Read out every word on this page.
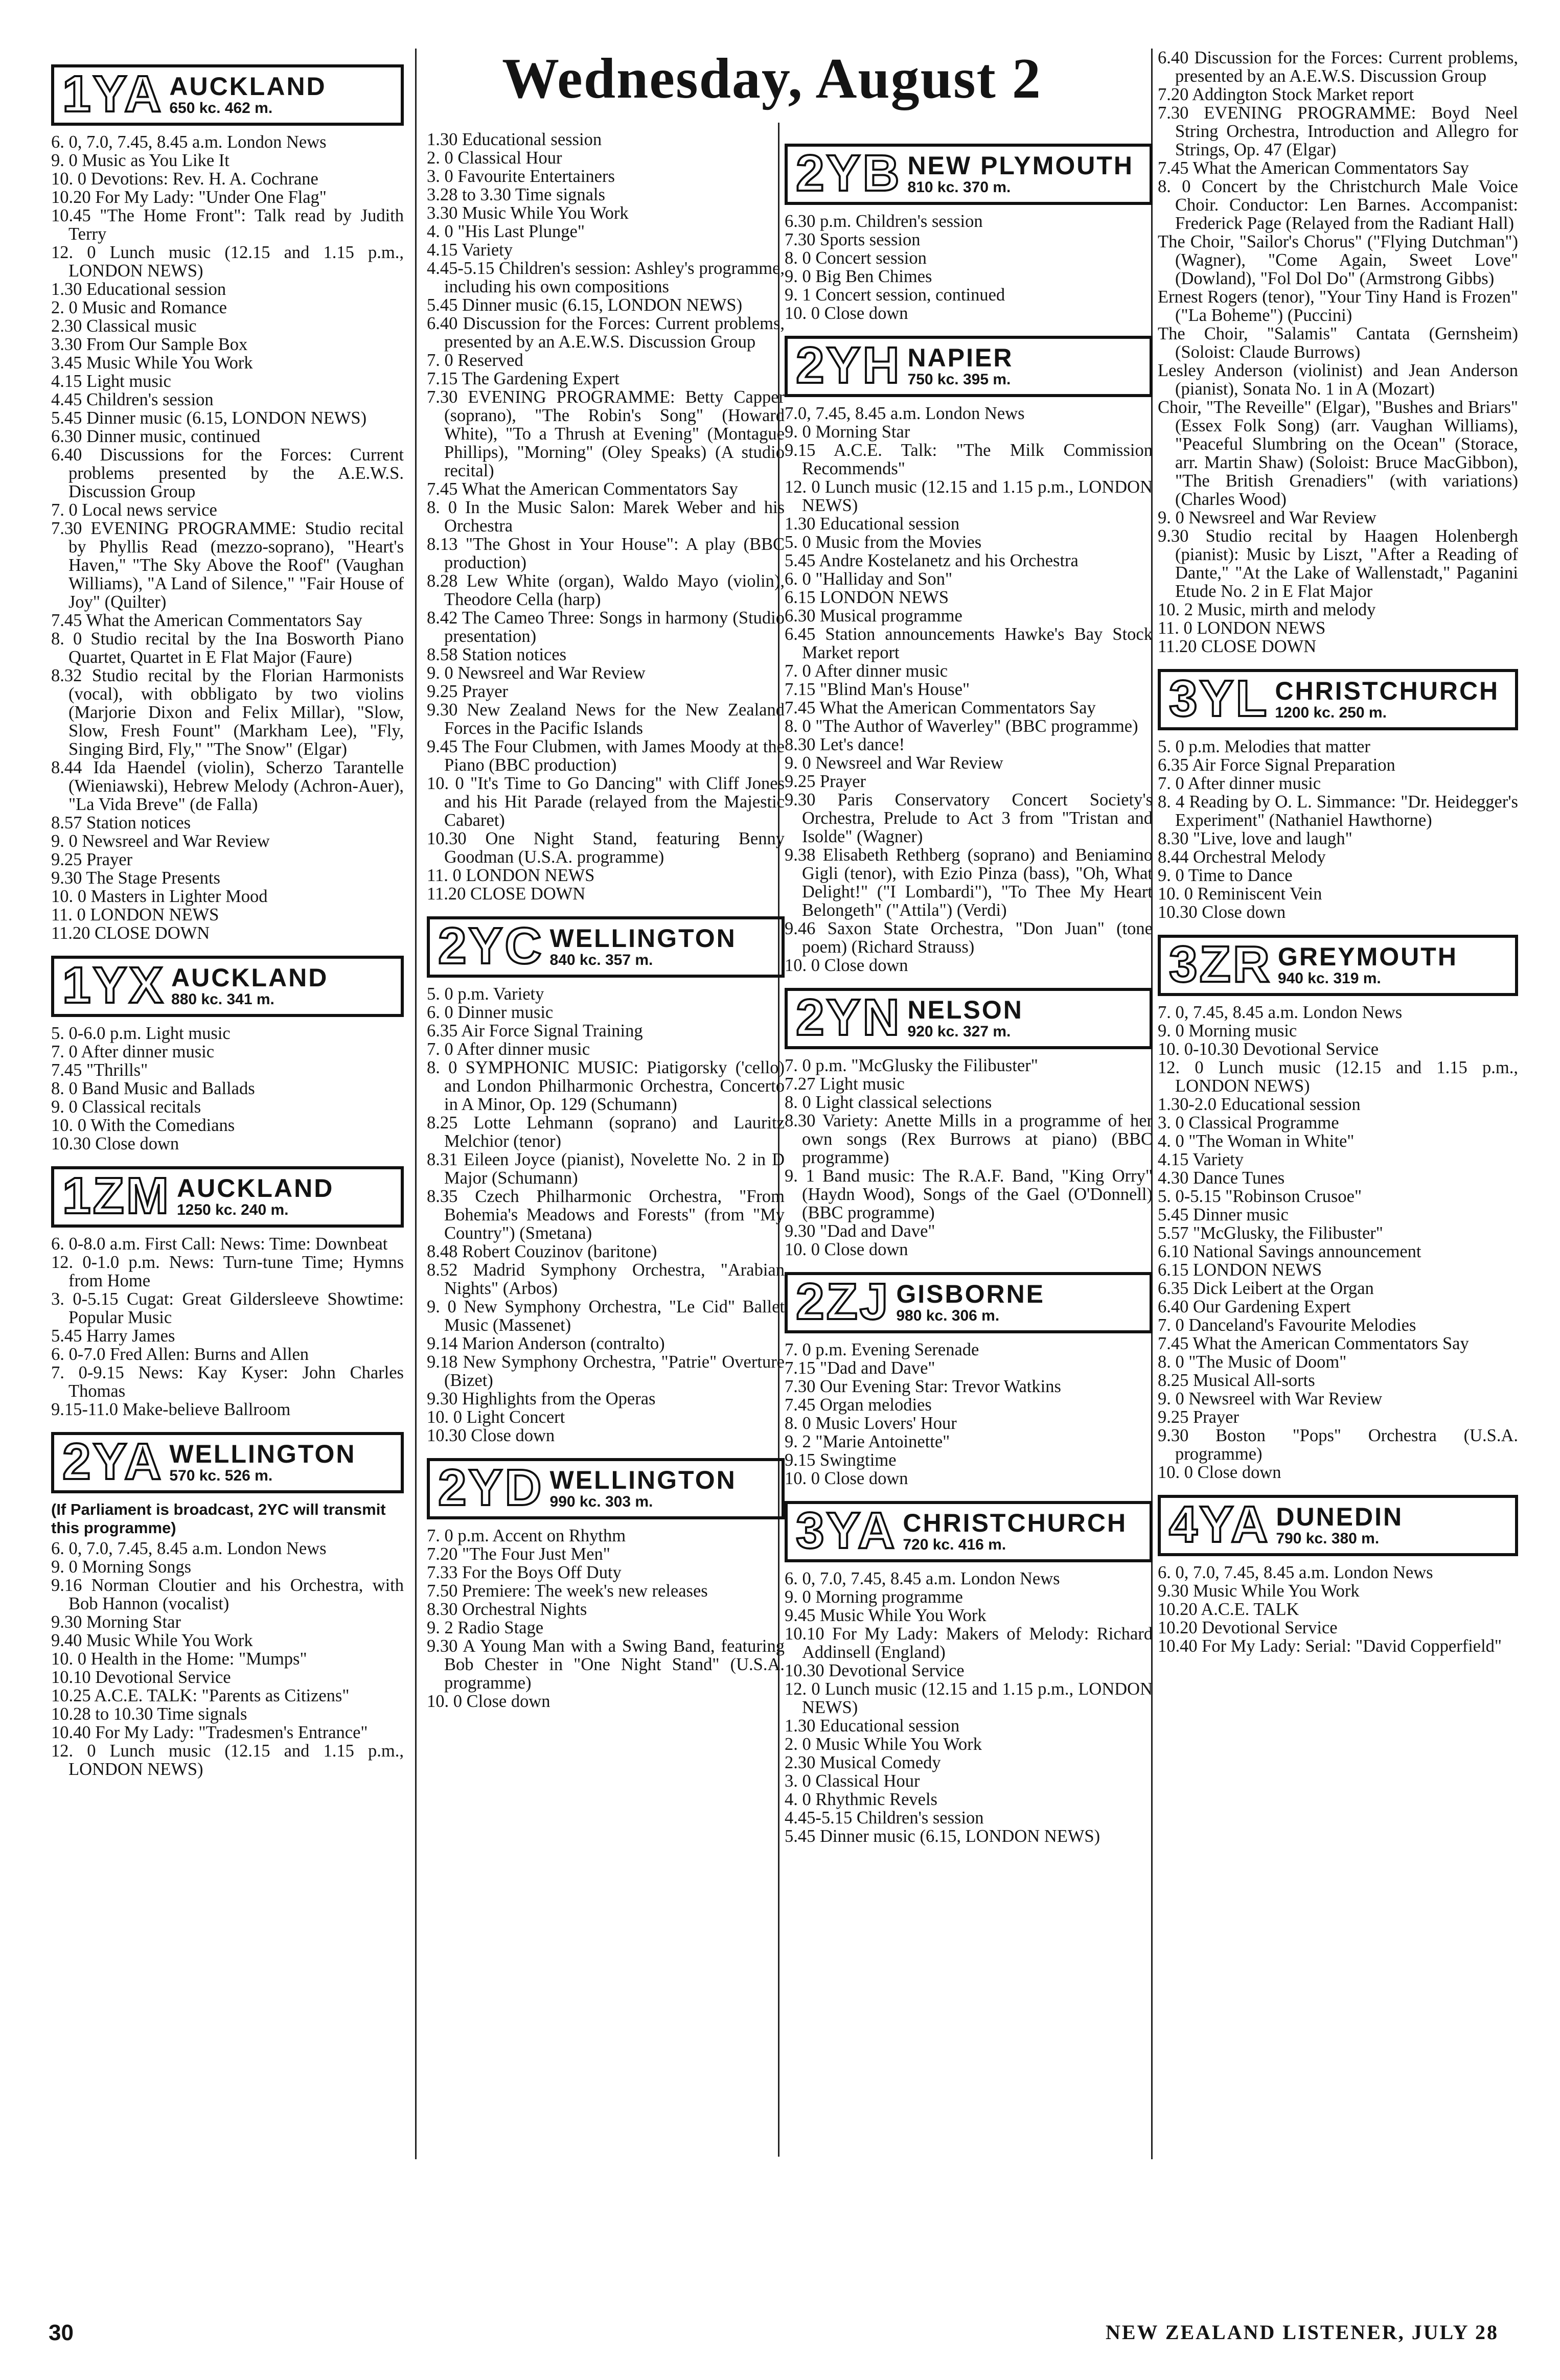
Wednesday, August 2
1YA AUCKLAND
650 kc. 462 m.

6. 0, 7.0, 7.45, 8.45 a.m. London News

9. 0 Music as You Like It

10. 0 Devotions: Rev. H. A. Cochrane

10.20 For My Lady: "Under One Flag"

10.45 "The Home Front": Talk read by Judith Terry

12. 0 Lunch music (12.15 and 1.15 p.m., LONDON NEWS)

1.30 Educational session

2. 0 Music and Romance

2.30 Classical music

3.30 From Our Sample Box

3.45 Music While You Work

4.15 Light music

4.45 Children's session

5.45 Dinner music (6.15, LONDON NEWS)

6.30 Dinner music, continued

6.40 Discussions for the Forces: Current problems presented by the A.E.W.S. Discussion Group

7. 0 Local news service

7.30 EVENING PROGRAMME: Studio recital by Phyllis Read (mezzo-soprano), "Heart's Haven," "The Sky Above the Roof" (Vaughan Williams), "A Land of Silence," "Fair House of Joy" (Quilter)

7.45 What the American Commentators Say

8. 0 Studio recital by the Ina Bosworth Piano Quartet, Quartet in E Flat Major (Faure)

8.32 Studio recital by the Florian Harmonists (vocal), with obbligato by two violins (Marjorie Dixon and Felix Millar), "Slow, Slow, Fresh Fount" (Markham Lee), "Fly, Singing Bird, Fly," "The Snow" (Elgar)

8.44 Ida Haendel (violin), Scherzo Tarantelle (Wieniawski), Hebrew Melody (Achron-Auer), "La Vida Breve" (de Falla)

8.57 Station notices

9. 0 Newsreel and War Review

9.25 Prayer

9.30 The Stage Presents

10. 0 Masters in Lighter Mood

11. 0 LONDON NEWS

11.20 CLOSE DOWN

1YX AUCKLAND
880 kc. 341 m.

5. 0-6.0 p.m. Light music

7. 0 After dinner music

7.45 "Thrills"

8. 0 Band Music and Ballads

9. 0 Classical recitals

10. 0 With the Comedians

10.30 Close down

1ZM AUCKLAND
1250 kc. 240 m.

6. 0-8.0 a.m. First Call: News: Time: Downbeat

12. 0-1.0 p.m. News: Turn-tune Time; Hymns from Home

3. 0-5.15 Cugat: Great Gildersleeve Showtime: Popular Music

5.45 Harry James

6. 0-7.0 Fred Allen: Burns and Allen

7. 0-9.15 News: Kay Kyser: John Charles Thomas

9.15-11.0 Make-believe Ballroom

2YA WELLINGTON
570 kc. 526 m.

(If Parliament is broadcast, 2YC will transmit this programme)

6. 0, 7.0, 7.45, 8.45 a.m. London News

9. 0 Morning Songs

9.16 Norman Cloutier and his Orchestra, with Bob Hannon (vocalist)

9.30 Morning Star

9.40 Music While You Work

10. 0 Health in the Home: "Mumps"

10.10 Devotional Service

10.25 A.C.E. TALK: "Parents as Citizens"

10.28 to 10.30 Time signals

10.40 For My Lady: "Tradesmen's Entrance"

12. 0 Lunch music (12.15 and 1.15 p.m., LONDON NEWS)

1.30 Educational session

2. 0 Classical Hour

3. 0 Favourite Entertainers

3.28 to 3.30 Time signals

3.30 Music While You Work

4. 0 "His Last Plunge"

4.15 Variety

4.45-5.15 Children's session: Ashley's programme, including his own compositions

5.45 Dinner music (6.15, LONDON NEWS)

6.40 Discussion for the Forces: Current problems, presented by an A.E.W.S. Discussion Group

7. 0 Reserved

7.15 The Gardening Expert

7.30 EVENING PROGRAMME: Betty Capper (soprano), "The Robin's Song" (Howard White), "To a Thrush at Evening" (Montague Phillips), "Morning" (Oley Speaks) (A studio recital)

7.45 What the American Commentators Say

8. 0 In the Music Salon: Marek Weber and his Orchestra

8.13 "The Ghost in Your House": A play (BBC production)

8.28 Lew White (organ), Waldo Mayo (violin), Theodore Cella (harp)

8.42 The Cameo Three: Songs in harmony (Studio presentation)

8.58 Station notices

9. 0 Newsreel and War Review

9.25 Prayer

9.30 New Zealand News for the New Zealand Forces in the Pacific Islands

9.45 The Four Clubmen, with James Moody at the Piano (BBC production)

10. 0 "It's Time to Go Dancing" with Cliff Jones and his Hit Parade (relayed from the Majestic Cabaret)

10.30 One Night Stand, featuring Benny Goodman (U.S.A. programme)

11. 0 LONDON NEWS

11.20 CLOSE DOWN

2YC WELLINGTON
840 kc. 357 m.

5. 0 p.m. Variety

6. 0 Dinner music

6.35 Air Force Signal Training

7. 0 After dinner music

8. 0 SYMPHONIC MUSIC: Piatigorsky ('cello) and London Philharmonic Orchestra, Concerto in A Minor, Op. 129 (Schumann)

8.25 Lotte Lehmann (soprano) and Lauritz Melchior (tenor)

8.31 Eileen Joyce (pianist), Novelette No. 2 in D Major (Schumann)

8.35 Czech Philharmonic Orchestra, "From Bohemia's Meadows and Forests" (from "My Country") (Smetana)

8.48 Robert Couzinov (baritone)

8.52 Madrid Symphony Orchestra, "Arabian Nights" (Arbos)

9. 0 New Symphony Orchestra, "Le Cid" Ballet Music (Massenet)

9.14 Marion Anderson (contralto)

9.18 New Symphony Orchestra, "Patrie" Overture (Bizet)

9.30 Highlights from the Operas

10. 0 Light Concert

10.30 Close down

2YD WELLINGTON
990 kc. 303 m.

7. 0 p.m. Accent on Rhythm

7.20 "The Four Just Men"

7.33 For the Boys Off Duty

7.50 Premiere: The week's new releases

8.30 Orchestral Nights

9. 2 Radio Stage

9.30 A Young Man with a Swing Band, featuring Bob Chester in "One Night Stand" (U.S.A. programme)

10. 0 Close down

2YB NEW PLYMOUTH
810 kc. 370 m.

6.30 p.m. Children's session

7.30 Sports session

8. 0 Concert session

9. 0 Big Ben Chimes

9. 1 Concert session, continued

10. 0 Close down

2YH NAPIER
750 kc. 395 m.

7.0, 7.45, 8.45 a.m. London News

9. 0 Morning Star

9.15 A.C.E. Talk: "The Milk Commission Recommends"

12. 0 Lunch music (12.15 and 1.15 p.m., LONDON NEWS)

1.30 Educational session

5. 0 Music from the Movies

5.45 Andre Kostelanetz and his Orchestra

6. 0 "Halliday and Son"

6.15 LONDON NEWS

6.30 Musical programme

6.45 Station announcements Hawke's Bay Stock Market report

7. 0 After dinner music

7.15 "Blind Man's House"

7.45 What the American Commentators Say

8. 0 "The Author of Waverley" (BBC programme)

8.30 Let's dance!

9. 0 Newsreel and War Review

9.25 Prayer

9.30 Paris Conservatory Concert Society's Orchestra, Prelude to Act 3 from "Tristan and Isolde" (Wagner)

9.38 Elisabeth Rethberg (soprano) and Beniamino Gigli (tenor), with Ezio Pinza (bass), "Oh, What Delight!" ("I Lombardi"), "To Thee My Heart Belongeth" ("Attila") (Verdi)

9.46 Saxon State Orchestra, "Don Juan" (tone poem) (Richard Strauss)

10. 0 Close down

2YN NELSON
920 kc. 327 m.

7. 0 p.m. "McGlusky the Filibuster"

7.27 Light music

8. 0 Light classical selections

8.30 Variety: Anette Mills in a programme of her own songs (Rex Burrows at piano) (BBC programme)

9. 1 Band music: The R.A.F. Band, "King Orry" (Haydn Wood), Songs of the Gael (O'Donnell) (BBC programme)

9.30 "Dad and Dave"

10. 0 Close down

2ZJ GISBORNE
980 kc. 306 m.

7. 0 p.m. Evening Serenade

7.15 "Dad and Dave"

7.30 Our Evening Star: Trevor Watkins

7.45 Organ melodies

8. 0 Music Lovers' Hour

9. 2 "Marie Antoinette"

9.15 Swingtime

10. 0 Close down

3YA CHRISTCHURCH
720 kc. 416 m.

6. 0, 7.0, 7.45, 8.45 a.m. London News

9. 0 Morning programme

9.45 Music While You Work

10.10 For My Lady: Makers of Melody: Richard Addinsell (England)

10.30 Devotional Service

12. 0 Lunch music (12.15 and 1.15 p.m., LONDON NEWS)

1.30 Educational session

2. 0 Music While You Work

2.30 Musical Comedy

3. 0 Classical Hour

4. 0 Rhythmic Revels

4.45-5.15 Children's session

5.45 Dinner music (6.15, LONDON NEWS)

6.40 Discussion for the Forces: Current problems, presented by an A.E.W.S. Discussion Group

7.20 Addington Stock Market report

7.30 EVENING PROGRAMME: Boyd Neel String Orchestra, Introduction and Allegro for Strings, Op. 47 (Elgar)

7.45 What the American Commentators Say

8. 0 Concert by the Christchurch Male Voice Choir. Conductor: Len Barnes. Accompanist: Frederick Page (Relayed from the Radiant Hall)

The Choir, "Sailor's Chorus" ("Flying Dutchman") (Wagner), "Come Again, Sweet Love" (Dowland), "Fol Dol Do" (Armstrong Gibbs)

Ernest Rogers (tenor), "Your Tiny Hand is Frozen" ("La Boheme") (Puccini)

The Choir, "Salamis" Cantata (Gernsheim) (Soloist: Claude Burrows)

Lesley Anderson (violinist) and Jean Anderson (pianist), Sonata No. 1 in A (Mozart)

Choir, "The Reveille" (Elgar), "Bushes and Briars" (Essex Folk Song) (arr. Vaughan Williams), "Peaceful Slumbring on the Ocean" (Storace, arr. Martin Shaw) (Soloist: Bruce MacGibbon), "The British Grenadiers" (with variations) (Charles Wood)

9. 0 Newsreel and War Review

9.30 Studio recital by Haagen Holenbergh (pianist): Music by Liszt, "After a Reading of Dante," "At the Lake of Wallenstadt," Paganini Etude No. 2 in E Flat Major

10. 2 Music, mirth and melody

11. 0 LONDON NEWS

11.20 CLOSE DOWN

3YL CHRISTCHURCH
1200 kc. 250 m.

5. 0 p.m. Melodies that matter

6.35 Air Force Signal Preparation

7. 0 After dinner music

8. 4 Reading by O. L. Simmance: "Dr. Heidegger's Experiment" (Nathaniel Hawthorne)

8.30 "Live, love and laugh"

8.44 Orchestral Melody

9. 0 Time to Dance

10. 0 Reminiscent Vein

10.30 Close down

3ZR GREYMOUTH
940 kc. 319 m.

7. 0, 7.45, 8.45 a.m. London News

9. 0 Morning music

10. 0-10.30 Devotional Service

12. 0 Lunch music (12.15 and 1.15 p.m., LONDON NEWS)

1.30-2.0 Educational session

3. 0 Classical Programme

4. 0 "The Woman in White"

4.15 Variety

4.30 Dance Tunes

5. 0-5.15 "Robinson Crusoe"

5.45 Dinner music

5.57 "McGlusky, the Filibuster"

6.10 National Savings announcement

6.15 LONDON NEWS

6.35 Dick Leibert at the Organ

6.40 Our Gardening Expert

7. 0 Danceland's Favourite Melodies

7.45 What the American Commentators Say

8. 0 "The Music of Doom"

8.25 Musical All-sorts

9. 0 Newsreel with War Review

9.25 Prayer

9.30 Boston "Pops" Orchestra (U.S.A. programme)

10. 0 Close down

4YA DUNEDIN
790 kc. 380 m.

6. 0, 7.0, 7.45, 8.45 a.m. London News

9.30 Music While You Work

10.20 A.C.E. TALK

10.20 Devotional Service

10.40 For My Lady: Serial: "David Copperfield"

30	NEW ZEALAND LISTENER, JULY 28
